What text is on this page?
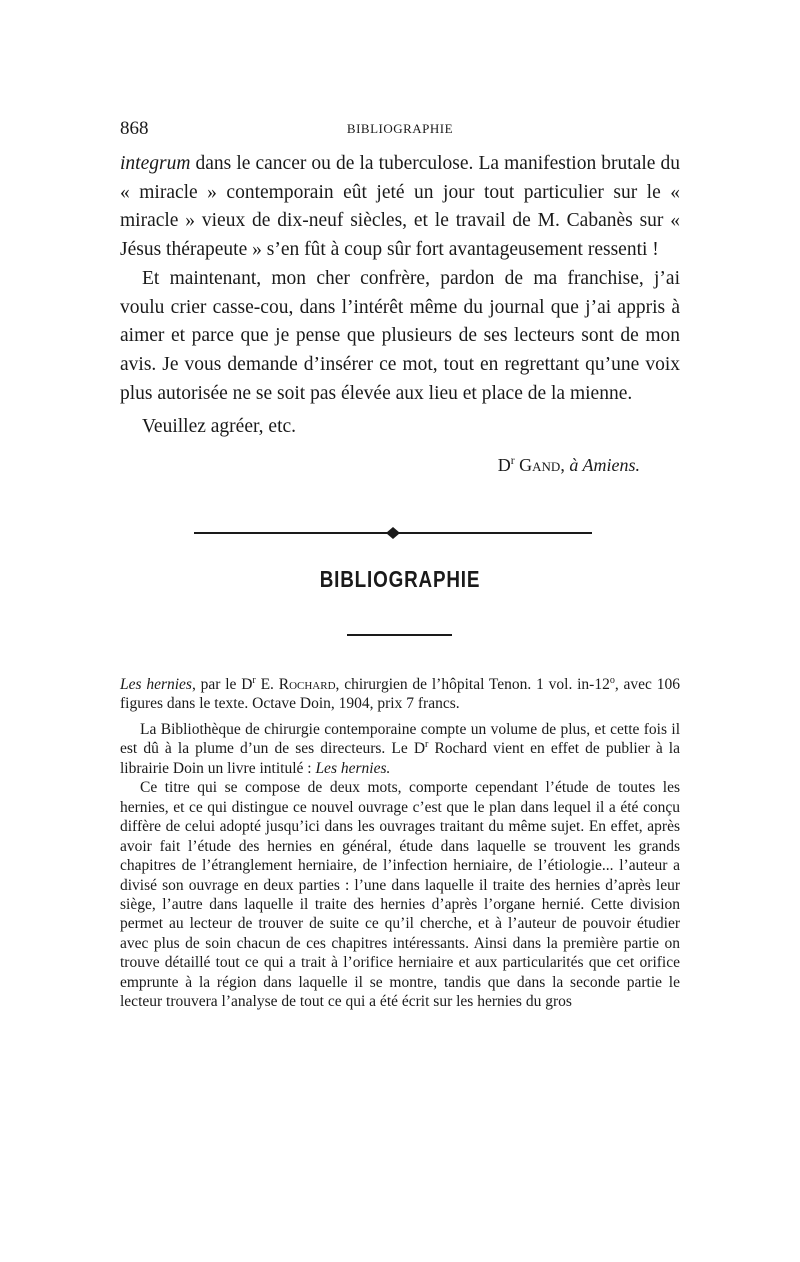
868	BIBLIOGRAPHIE

integrum dans le cancer ou de la tuberculose. La manifestion brutale du « miracle » contemporain eût jeté un jour tout particulier sur le « miracle » vieux de dix-neuf siècles, et le travail de M. Cabanès sur « Jésus thérapeute » s’en fût à coup sûr fort avantageusement ressenti !

Et maintenant, mon cher confrère, pardon de ma franchise, j’ai voulu crier casse-cou, dans l’intérêt même du journal que j’ai appris à aimer et parce que je pense que plusieurs de ses lecteurs sont de mon avis. Je vous demande d’insérer ce mot, tout en regrettant qu’une voix plus autorisée ne se soit pas élevée aux lieu et place de la mienne.

Veuillez agréer, etc.

$D^r$ Gand, à Amiens.

BIBLIOGRAPHIE

Les hernies, par le $D^r$ E. Rochard, chirurgien de l’hôpital Tenon. 1 vol. in-12$^o$, avec 106 figures dans le texte. Octave Doin, 1904, prix 7 francs.

La Bibliothèque de chirurgie contemporaine compte un volume de plus, et cette fois il est dû à la plume d’un de ses directeurs. Le $D^r$ Rochard vient en effet de publier à la librairie Doin un livre intitulé : Les hernies.

Ce titre qui se compose de deux mots, comporte cependant l’étude de toutes les hernies, et ce qui distingue ce nouvel ouvrage c’est que le plan dans lequel il a été conçu diffère de celui adopté jusqu’ici dans les ouvrages traitant du même sujet. En effet, après avoir fait l’étude des hernies en général, étude dans laquelle se trouvent les grands chapitres de l’étranglement herniaire, de l’infection herniaire, de l’étiologie... l’auteur a divisé son ouvrage en deux parties : l’une dans laquelle il traite des hernies d’après leur siège, l’autre dans laquelle il traite des hernies d’après l’organe hernié. Cette division permet au lecteur de trouver de suite ce qu’il cherche, et à l’auteur de pouvoir étudier avec plus de soin chacun de ces chapitres intéressants. Ainsi dans la première partie on trouve détaillé tout ce qui a trait à l’orifice herniaire et aux particularités que cet orifice emprunte à la région dans laquelle il se montre, tandis que dans la seconde partie le lecteur trouvera l’analyse de tout ce qui a été écrit sur les hernies du gros
